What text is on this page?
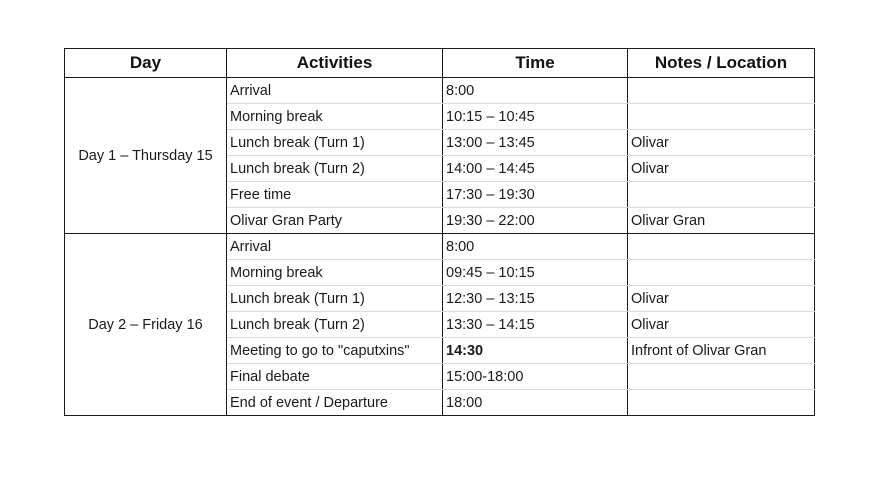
Day	Activities	Time	Notes / Location
Day 1 – Thursday 15	Arrival	8:00	
	Morning break	10:15 – 10:45	
	Lunch break (Turn 1)	13:00 – 13:45	Olivar
	Lunch break (Turn 2)	14:00 – 14:45	Olivar
	Free time	17:30 – 19:30	
	Olivar Gran Party	19:30 – 22:00	Olivar Gran
Day 2 – Friday 16	Arrival	8:00	
	Morning break	09:45 – 10:15	
	Lunch break (Turn 1)	12:30 – 13:15	Olivar
	Lunch break (Turn 2)	13:30 – 14:15	Olivar
	Meeting to go to "caputxins"	14:30	Infront of Olivar Gran
	Final debate	15:00-18:00	
	End of event / Departure	18:00	
